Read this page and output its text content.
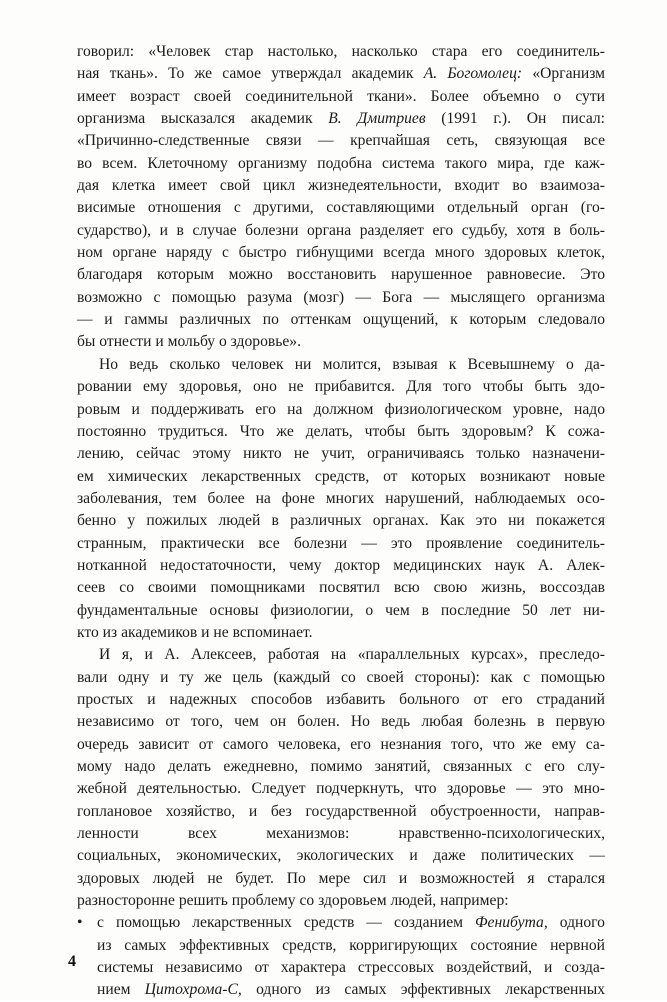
говорил: «Человек стар настолько, насколько стара его соединитель-
ная ткань». То же самое утверждал академик А. Богомолец: «Организм
имеет возраст своей соединительной ткани». Более объемно о сути
организма высказался академик В. Дмитриев (1991 г.). Он писал:
«Причинно-следственные связи — крепчайшая сеть, связующая все
во всем. Клеточному организму подобна система такого мира, где каж-
дая клетка имеет свой цикл жизнедеятельности, входит во взаимоза-
висимые отношения с другими, составляющими отдельный орган (го-
сударство), и в случае болезни органа разделяет его судьбу, хотя в боль-
ном органе наряду с быстро гибнущими всегда много здоровых клеток,
благодаря которым можно восстановить нарушенное равновесие. Это
возможно с помощью разума (мозг) — Бога — мыслящего организма
— и гаммы различных по оттенкам ощущений, к которым следовало
бы отнести и мольбу о здоровье».
Но ведь сколько человек ни молится, взывая к Всевышнему о да-
ровании ему здоровья, оно не прибавится. Для того чтобы быть здо-
ровым и поддерживать его на должном физиологическом уровне, надо
постоянно трудиться. Что же делать, чтобы быть здоровым? К сожа-
лению, сейчас этому никто не учит, ограничиваясь только назначени-
ем химических лекарственных средств, от которых возникают новые
заболевания, тем более на фоне многих нарушений, наблюдаемых осо-
бенно у пожилых людей в различных органах. Как это ни покажется
странным, практически все болезни — это проявление соединитель-
нотканной недостаточности, чему доктор медицинских наук А. Алек-
сеев со своими помощниками посвятил всю свою жизнь, воссоздав
фундаментальные основы физиологии, о чем в последние 50 лет ни-
кто из академиков и не вспоминает.
И я, и А. Алексеев, работая на «параллельных курсах», преследо-
вали одну и ту же цель (каждый со своей стороны): как с помощью
простых и надежных способов избавить больного от его страданий
независимо от того, чем он болен. Но ведь любая болезнь в первую
очередь зависит от самого человека, его незнания того, что же ему са-
мому надо делать ежедневно, помимо занятий, связанных с его слу-
жебной деятельностью. Следует подчеркнуть, что здоровье — это мно-
гоплановое хозяйство, и без государственной обустроенности, направ-
ленности всех механизмов: нравственно-психологических,
социальных, экономических, экологических и даже политических —
здоровых людей не будет. По мере сил и возможностей я старался
разносторонне решить проблему со здоровьем людей, например:
• с помощью лекарственных средств — созданием Фенибута, одного
из самых эффективных средств, корригирующих состояние нервной
системы независимо от характера стрессовых воздействий, и созда-
нием Цитохрома-С, одного из самых эффективных лекарственных
4
